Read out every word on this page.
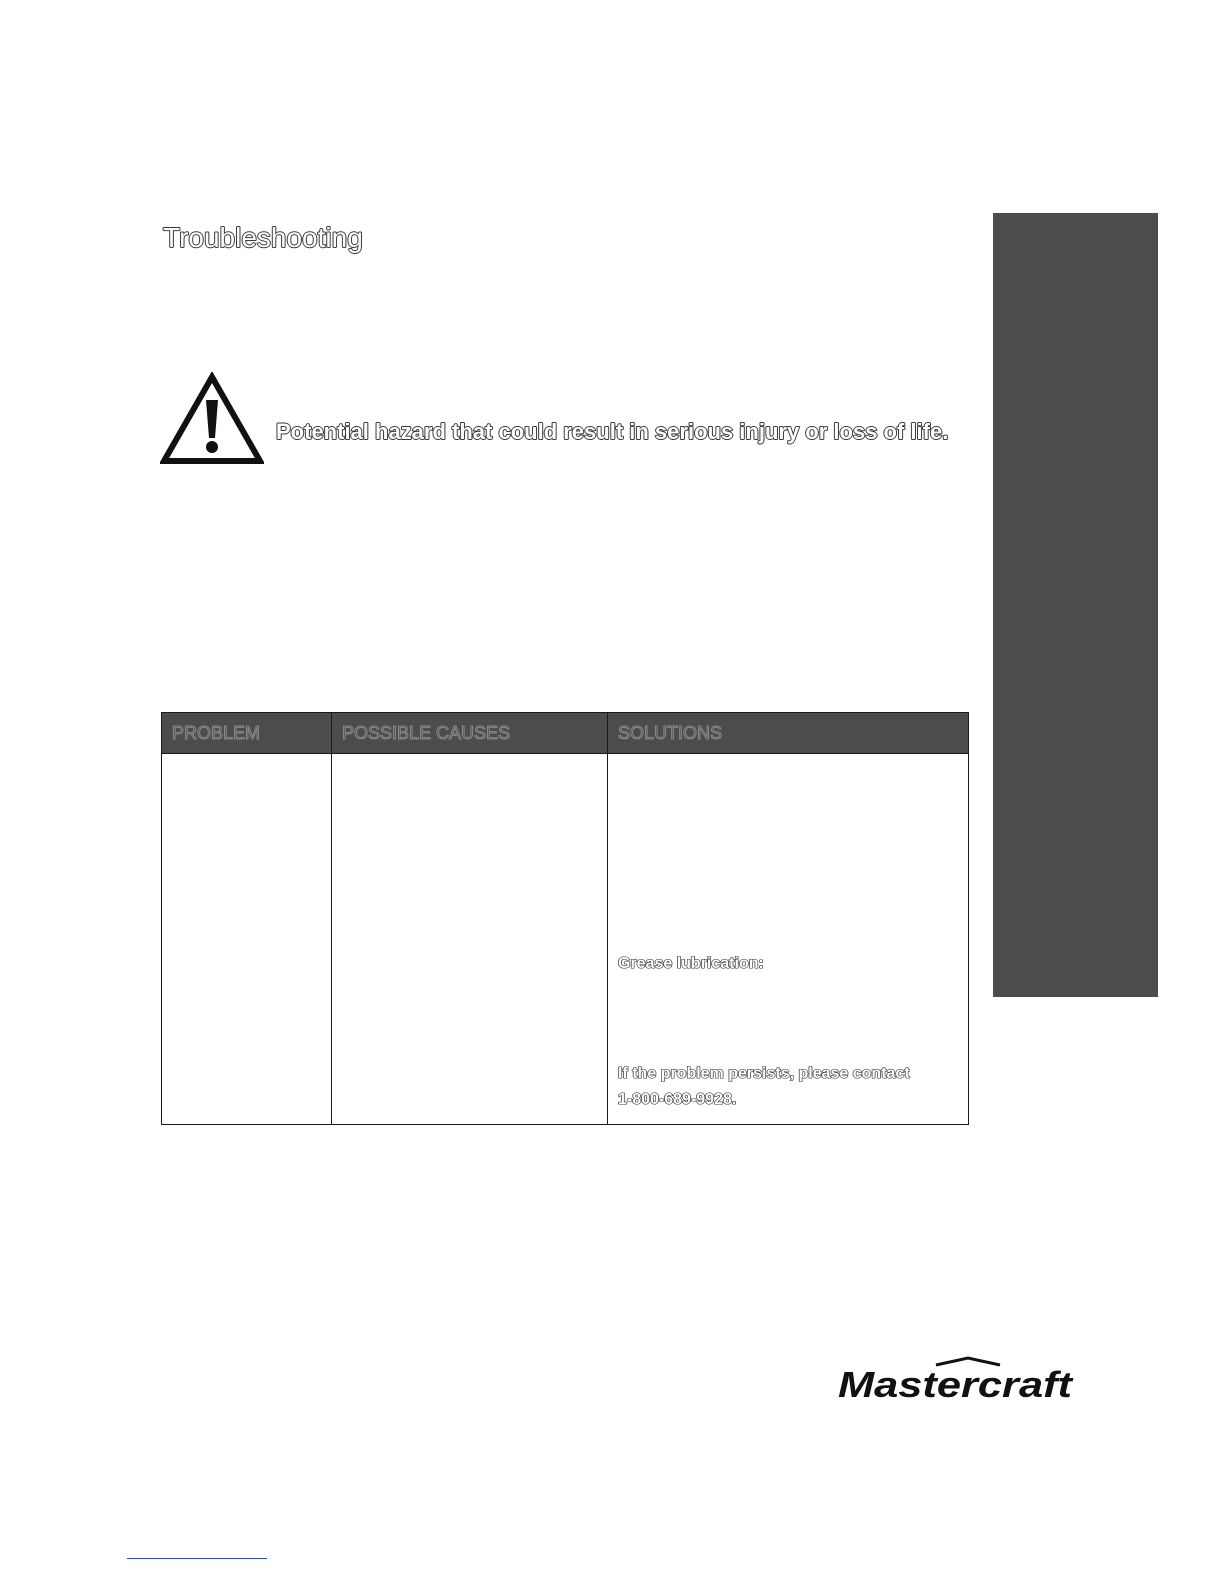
Troubleshooting
Potential hazard that could result in serious injury or loss of life.
PROBLEM	POSSIBLE CAUSES	SOLUTIONS

		Grease lubrication:
If the problem persists, please contact
1-800-689-9928.
Mastercraft
